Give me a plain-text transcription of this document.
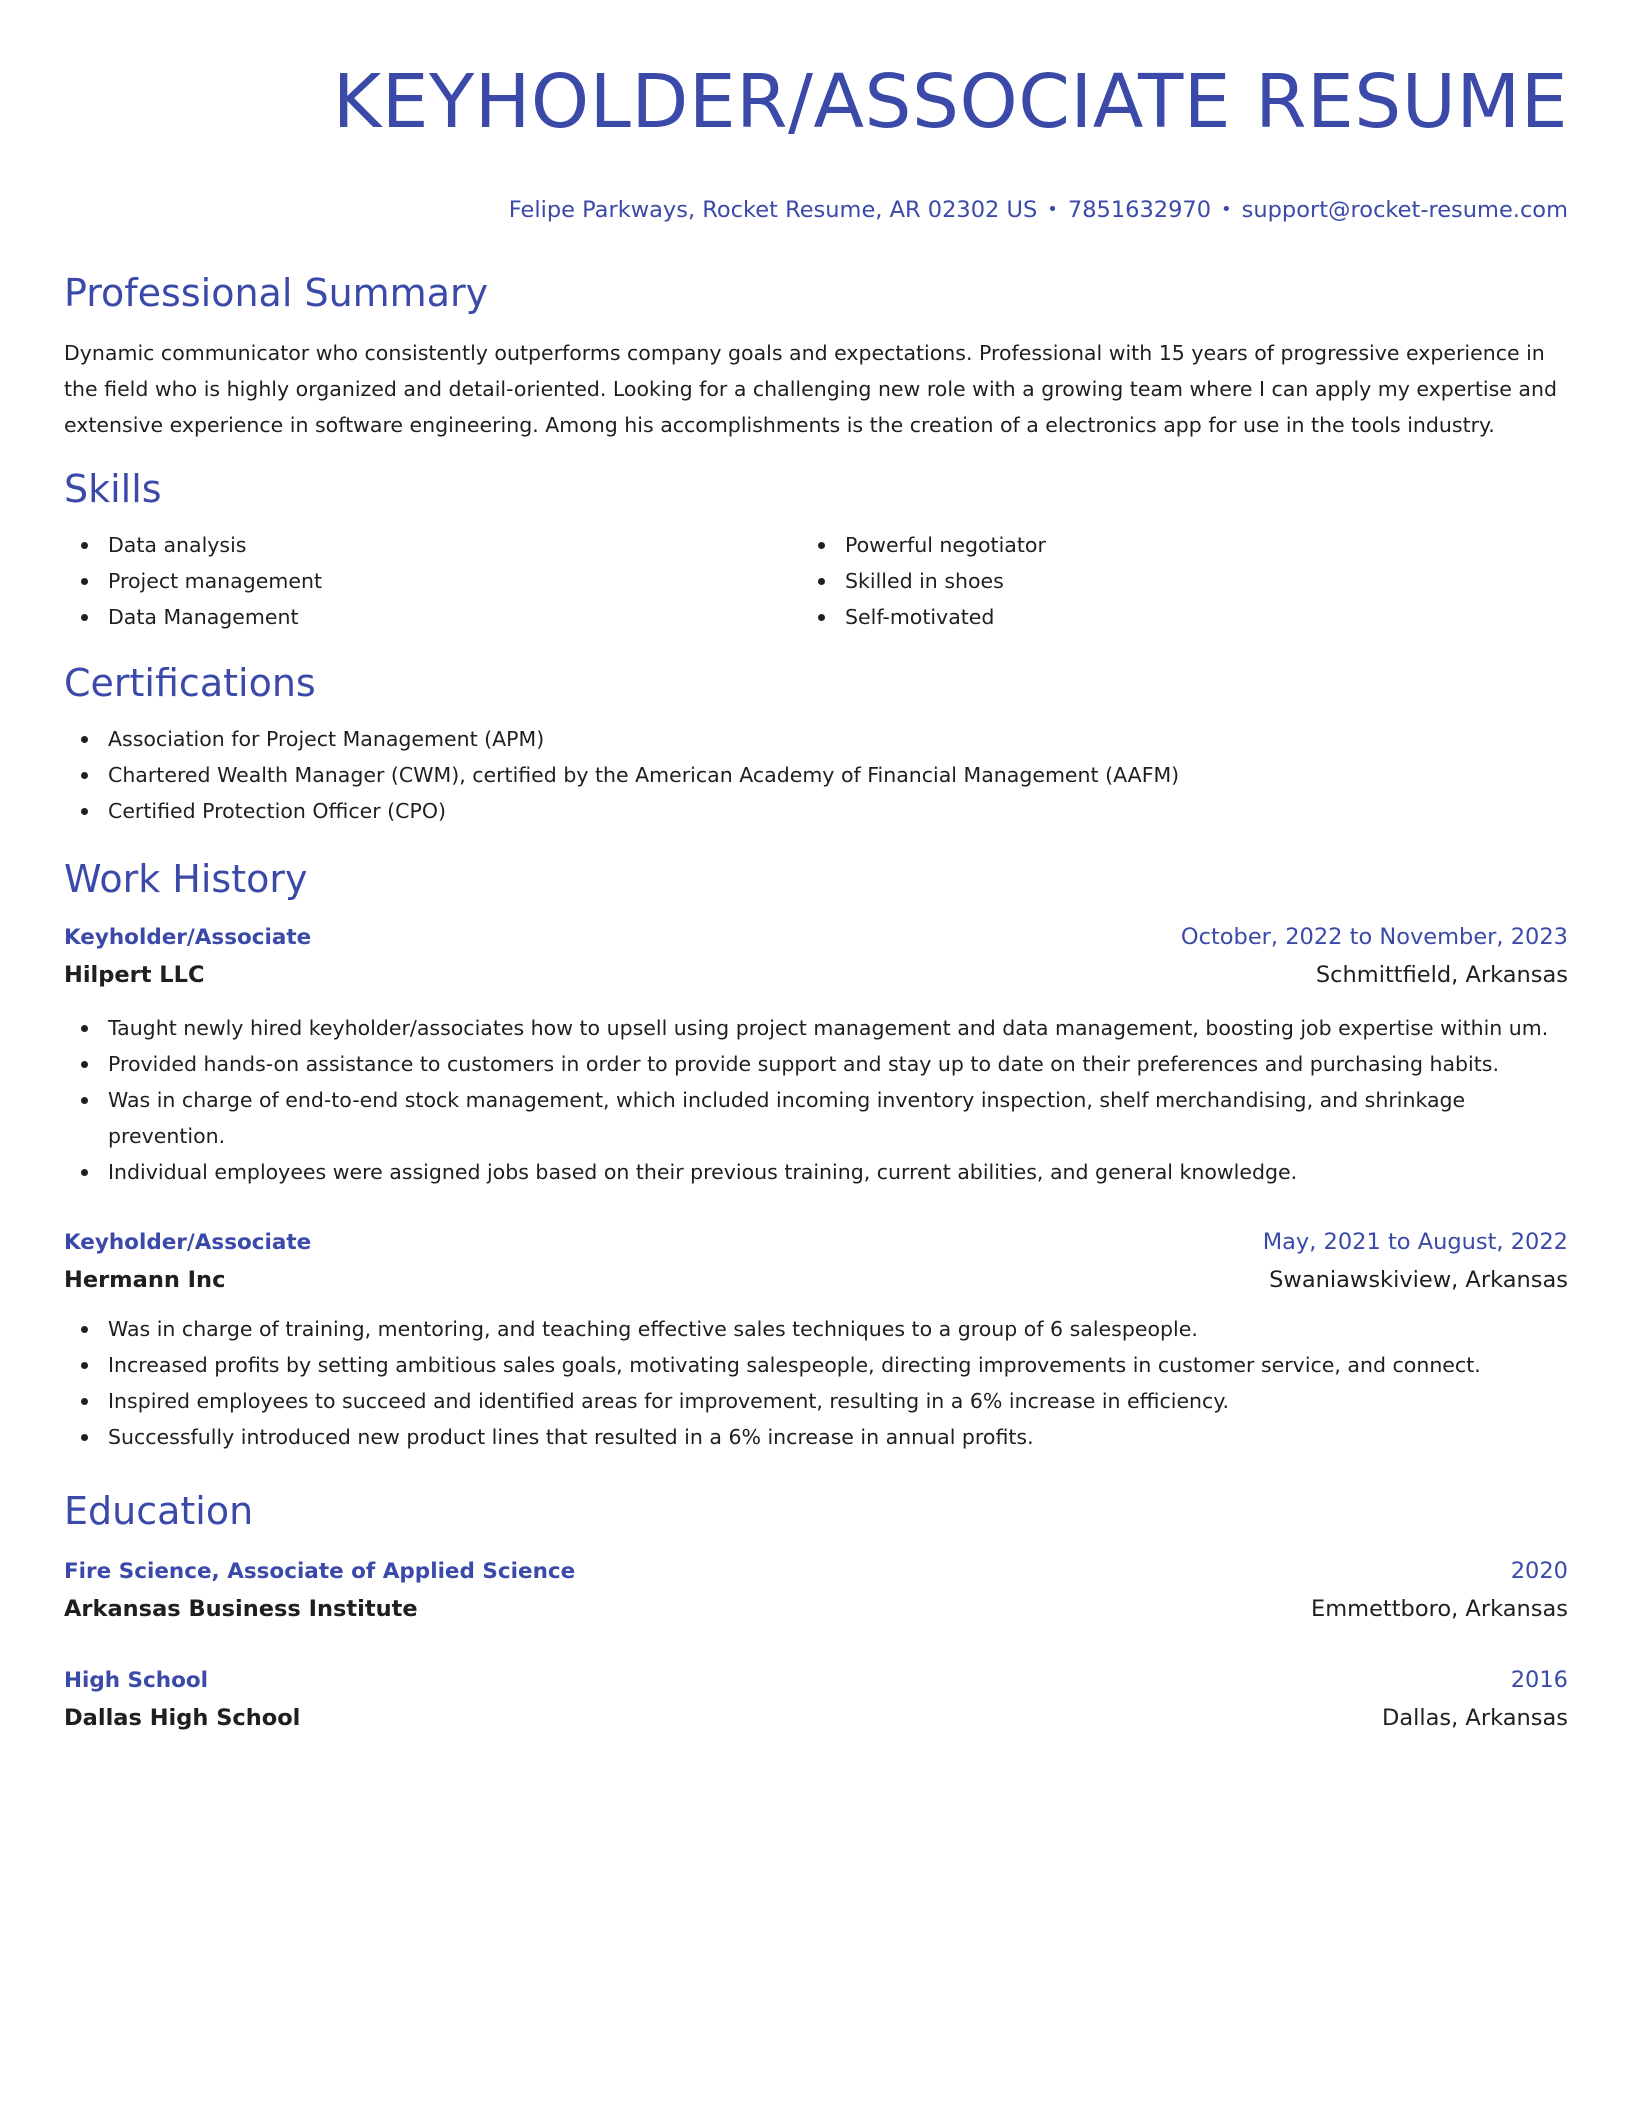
KEYHOLDER/ASSOCIATE RESUME
Felipe Parkways, Rocket Resume, AR 02302 US • 7851632970 • support@rocket-resume.com
Professional Summary

Dynamic communicator who consistently outperforms company goals and expectations. Professional with 15 years of progressive experience in the field who is highly organized and detail-oriented. Looking for a challenging new role with a growing team where I can apply my expertise and extensive experience in software engineering. Among his accomplishments is the creation of a electronics app for use in the tools industry.

Skills
Data analysis
Project management
Data Management
Powerful negotiator
Skilled in shoes
Self-motivated
Certifications
Association for Project Management (APM)
Chartered Wealth Manager (CWM), certified by the American Academy of Financial Management (AAFM)
Certified Protection Officer (CPO)
Work History
Keyholder/Associate	October, 2022 to November, 2023
Hilpert LLC	Schmittfield, Arkansas
Taught newly hired keyholder/associates how to upsell using project management and data management, boosting job expertise within um.
Provided hands-on assistance to customers in order to provide support and stay up to date on their preferences and purchasing habits.
Was in charge of end-to-end stock management, which included incoming inventory inspection, shelf merchandising, and shrinkage prevention.
Individual employees were assigned jobs based on their previous training, current abilities, and general knowledge.
Keyholder/Associate	May, 2021 to August, 2022
Hermann Inc	Swaniawskiview, Arkansas
Was in charge of training, mentoring, and teaching effective sales techniques to a group of 6 salespeople.
Increased profits by setting ambitious sales goals, motivating salespeople, directing improvements in customer service, and connect.
Inspired employees to succeed and identified areas for improvement, resulting in a 6% increase in efficiency.
Successfully introduced new product lines that resulted in a 6% increase in annual profits.
Education
Fire Science, Associate of Applied Science	2020
Arkansas Business Institute	Emmettboro, Arkansas
High School	2016
Dallas High School	Dallas, Arkansas
